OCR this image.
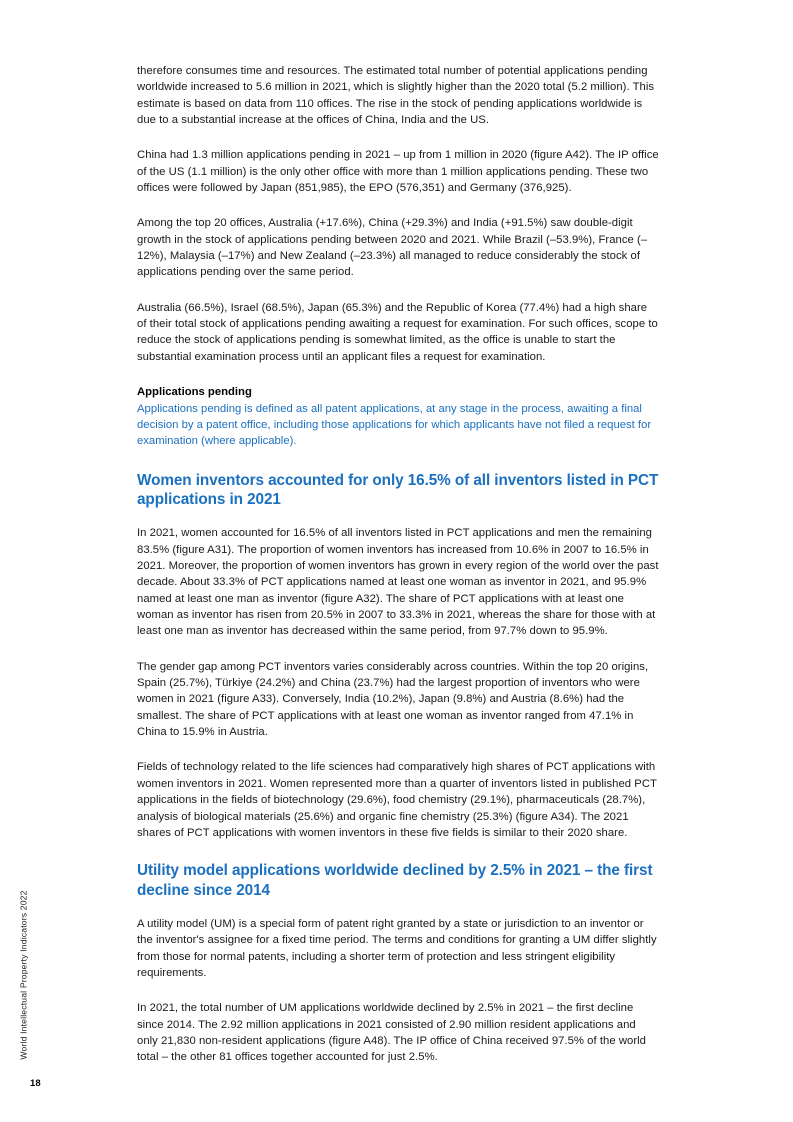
World Intellectual Property Indicators 2022
18

therefore consumes time and resources. The estimated total number of potential applications pending worldwide increased to 5.6 million in 2021, which is slightly higher than the 2020 total (5.2 million). This estimate is based on data from 110 offices. The rise in the stock of pending applications worldwide is due to a substantial increase at the offices of China, India and the US.

China had 1.3 million applications pending in 2021 – up from 1 million in 2020 (figure A42). The IP office of the US (1.1 million) is the only other office with more than 1 million applications pending. These two offices were followed by Japan (851,985), the EPO (576,351) and Germany (376,925).

Among the top 20 offices, Australia (+17.6%), China (+29.3%) and India (+91.5%) saw double-digit growth in the stock of applications pending between 2020 and 2021. While Brazil (–53.9%), France (–12%), Malaysia (–17%) and New Zealand (–23.3%) all managed to reduce considerably the stock of applications pending over the same period.

Australia (66.5%), Israel (68.5%), Japan (65.3%) and the Republic of Korea (77.4%) had a high share of their total stock of applications pending awaiting a request for examination. For such offices, scope to reduce the stock of applications pending is somewhat limited, as the office is unable to start the substantial examination process until an applicant files a request for examination.

Applications pending

Applications pending is defined as all patent applications, at any stage in the process, awaiting a final decision by a patent office, including those applications for which applicants have not filed a request for examination (where applicable).

Women inventors accounted for only 16.5% of all inventors listed in PCT applications in 2021

In 2021, women accounted for 16.5% of all inventors listed in PCT applications and men the remaining 83.5% (figure A31). The proportion of women inventors has increased from 10.6% in 2007 to 16.5% in 2021. Moreover, the proportion of women inventors has grown in every region of the world over the past decade. About 33.3% of PCT applications named at least one woman as inventor in 2021, and 95.9% named at least one man as inventor (figure A32). The share of PCT applications with at least one woman as inventor has risen from 20.5% in 2007 to 33.3% in 2021, whereas the share for those with at least one man as inventor has decreased within the same period, from 97.7% down to 95.9%.

The gender gap among PCT inventors varies considerably across countries. Within the top 20 origins, Spain (25.7%), Türkiye (24.2%) and China (23.7%) had the largest proportion of inventors who were women in 2021 (figure A33). Conversely, India (10.2%), Japan (9.8%) and Austria (8.6%) had the smallest. The share of PCT applications with at least one woman as inventor ranged from 47.1% in China to 15.9% in Austria.

Fields of technology related to the life sciences had comparatively high shares of PCT applications with women inventors in 2021. Women represented more than a quarter of inventors listed in published PCT applications in the fields of biotechnology (29.6%), food chemistry (29.1%), pharmaceuticals (28.7%), analysis of biological materials (25.6%) and organic fine chemistry (25.3%) (figure A34). The 2021 shares of PCT applications with women inventors in these five fields is similar to their 2020 share.

Utility model applications worldwide declined by 2.5% in 2021 – the first decline since 2014

A utility model (UM) is a special form of patent right granted by a state or jurisdiction to an inventor or the inventor's assignee for a fixed time period. The terms and conditions for granting a UM differ slightly from those for normal patents, including a shorter term of protection and less stringent eligibility requirements.

In 2021, the total number of UM applications worldwide declined by 2.5% in 2021 – the first decline since 2014. The 2.92 million applications in 2021 consisted of 2.90 million resident applications and only 21,830 non-resident applications (figure A48). The IP office of China received 97.5% of the world total – the other 81 offices together accounted for just 2.5%.
